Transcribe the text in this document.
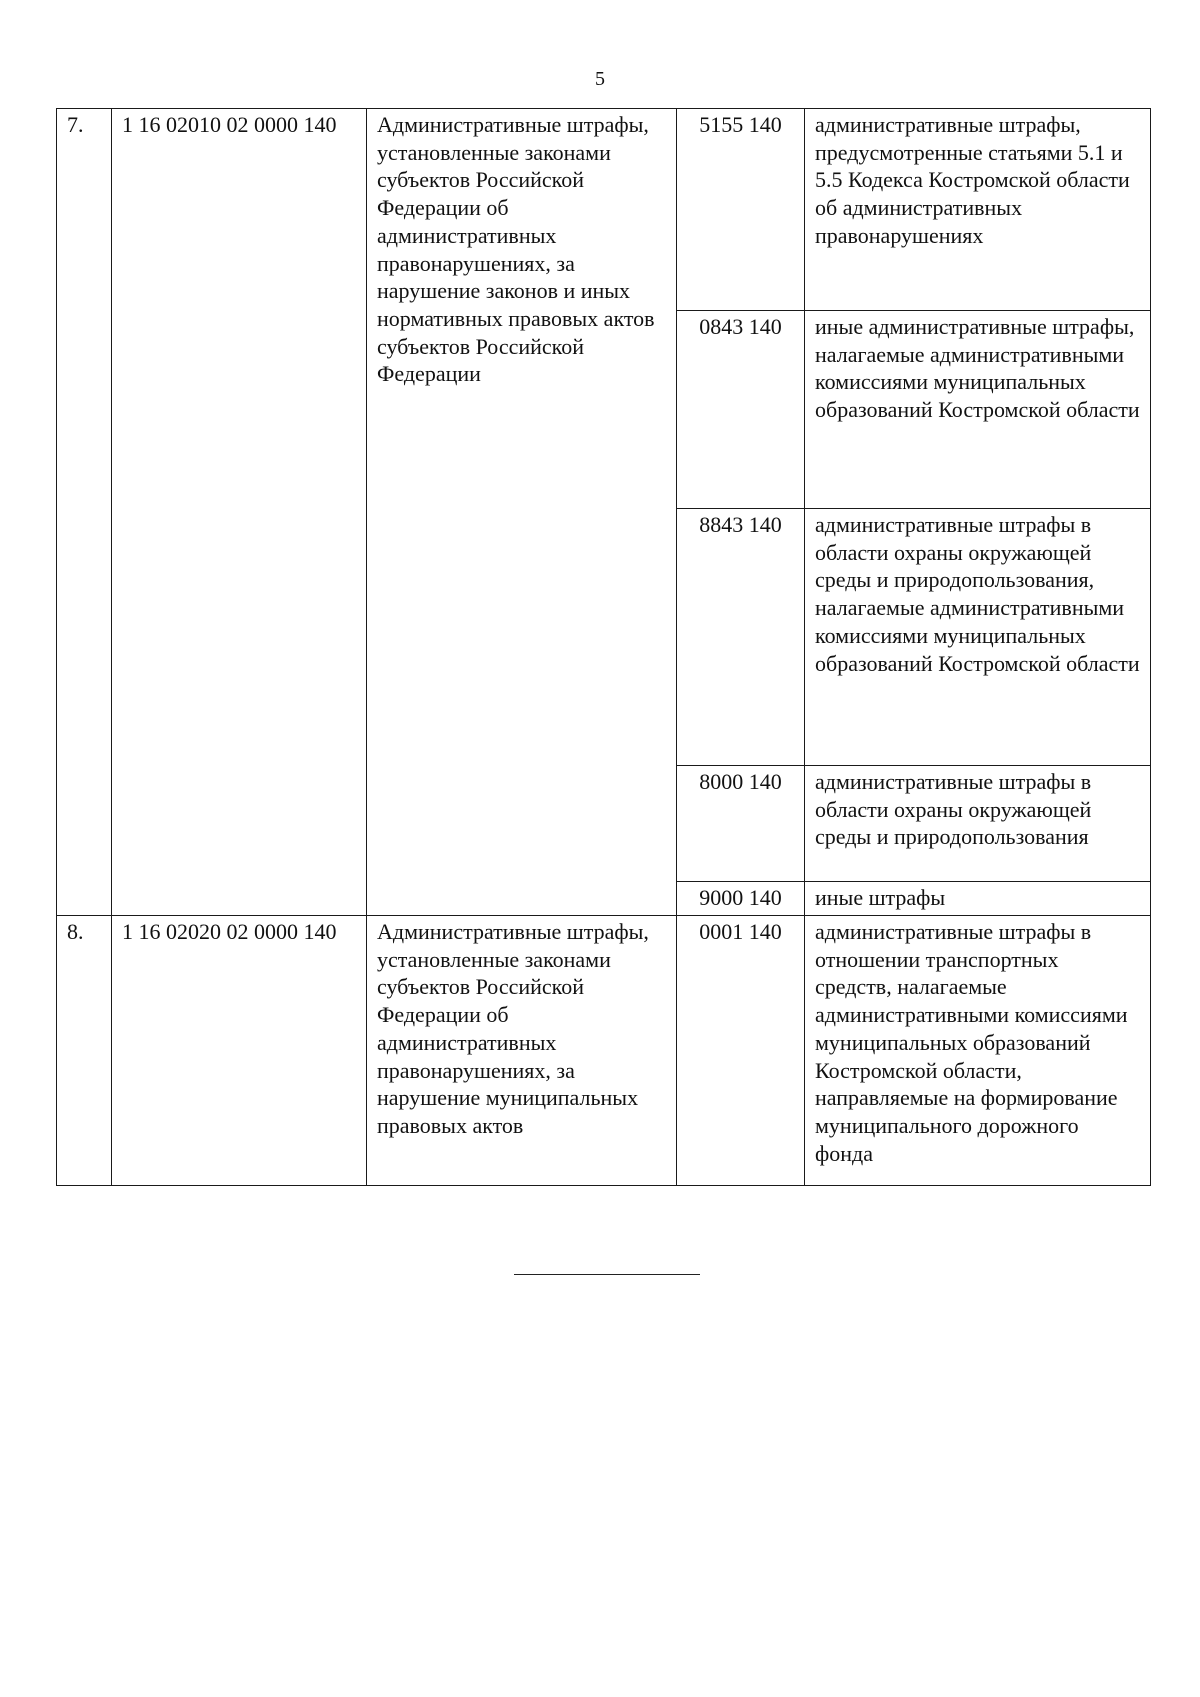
5
7.	1 16 02010 02 0000 140	Административные штрафы, установленные законами субъектов Российской Федерации об административных правонарушениях, за нарушение законов и иных нормативных правовых актов субъектов Российской Федерации	5155 140	административные штрафы, предусмотренные статьями 5.1 и 5.5 Кодекса Костромской области об административных правонарушениях
			0843 140	иные административные штрафы, налагаемые административными комиссиями муниципальных образований Костромской области
			8843 140	административные штрафы в области охраны окружающей среды и природопользования, налагаемые административными комиссиями муниципальных образований Костромской области
			8000 140	административные штрафы в области охраны окружающей среды и природопользования
			9000 140	иные штрафы
8.	1 16 02020 02 0000 140	Административные штрафы, установленные законами субъектов Российской Федерации об административных правонарушениях, за нарушение муниципальных правовых актов	0001 140	административные штрафы в отношении транспортных средств, налагаемые административными комиссиями муниципальных образований Костромской области, направляемые на формирование муниципального дорожного фонда
